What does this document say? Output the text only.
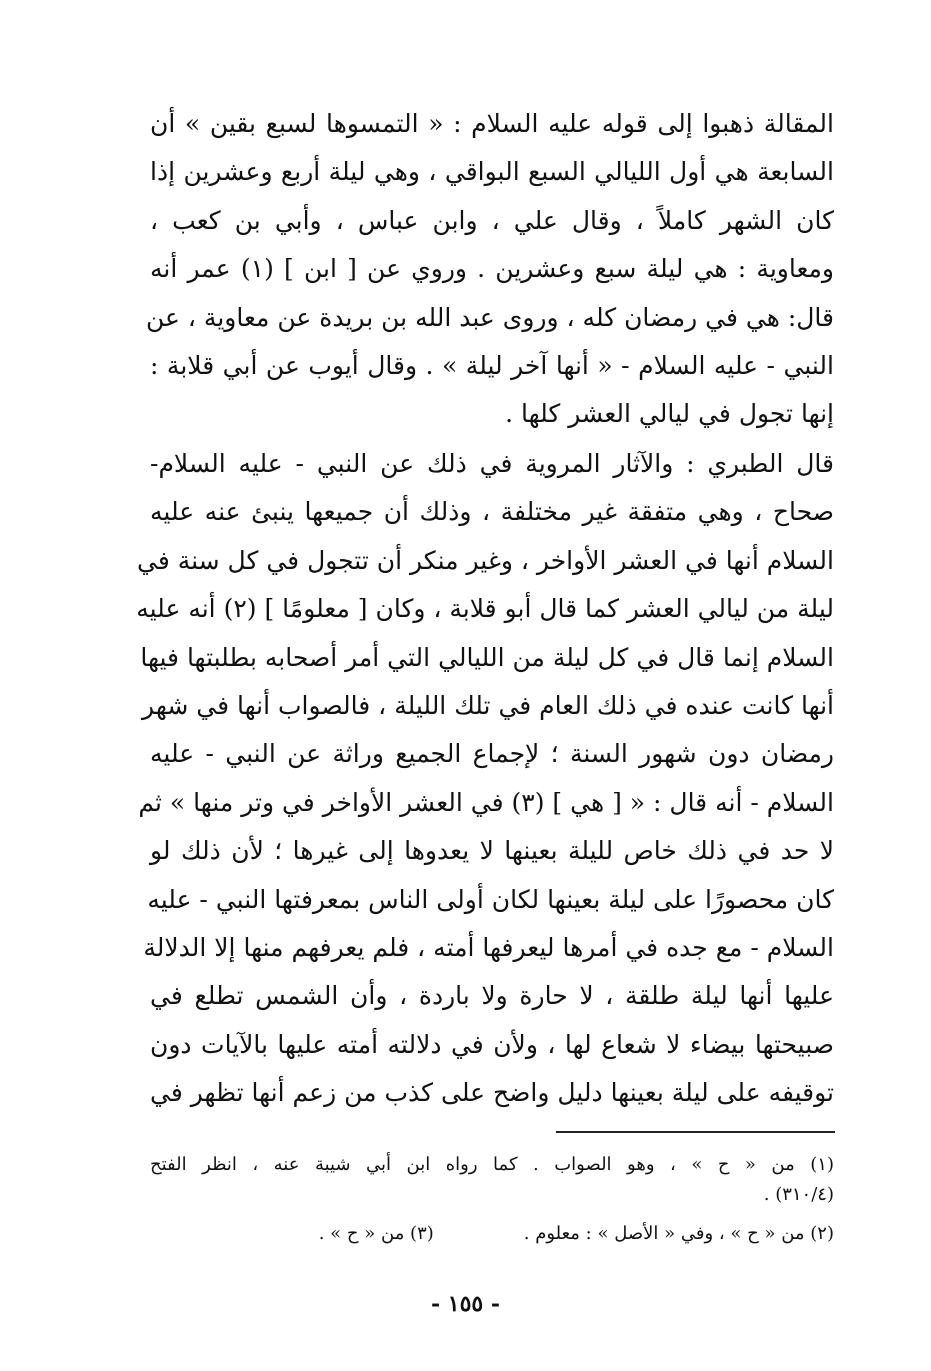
المقالة ذهبوا إلى قوله عليه السلام : « التمسوها لسبع بقين » أن
السابعة هي أول الليالي السبع البواقي ، وهي ليلة أربع وعشرين إذا
كان الشهر كاملاً ، وقال علي ، وابن عباس ، وأبي بن كعب ،
ومعاوية : هي ليلة سبع وعشرين . وروي عن [ ابن ] (١) عمر أنه
قال: هي في رمضان كله ، وروى عبد الله بن بريدة عن معاوية ، عن
النبي - عليه السلام - « أنها آخر ليلة » . وقال أيوب عن أبي قلابة :
إنها تجول في ليالي العشر كلها .
قال الطبري : والآثار المروية في ذلك عن النبي - عليه السلام-
صحاح ، وهي متفقة غير مختلفة ، وذلك أن جميعها ينبئ عنه عليه
السلام أنها في العشر الأواخر ، وغير منكر أن تتجول في كل سنة في
ليلة من ليالي العشر كما قال أبو قلابة ، وكان [ معلومًا ] (٢) أنه عليه
السلام إنما قال في كل ليلة من الليالي التي أمر أصحابه بطلبتها فيها
أنها كانت عنده في ذلك العام في تلك الليلة ، فالصواب أنها في شهر
رمضان دون شهور السنة ؛ لإجماع الجميع وراثة عن النبي - عليه
السلام - أنه قال : « [ هي ] (٣) في العشر الأواخر في وتر منها » ثم
لا حد في ذلك خاص لليلة بعينها لا يعدوها إلى غيرها ؛ لأن ذلك لو
كان محصورًا على ليلة بعينها لكان أولى الناس بمعرفتها النبي - عليه
السلام - مع جده في أمرها ليعرفها أمته ، فلم يعرفهم منها إلا الدلالة
عليها أنها ليلة طلقة ، لا حارة ولا باردة ، وأن الشمس تطلع في
صبيحتها بيضاء لا شعاع لها ، ولأن في دلالته أمته عليها بالآيات دون
توقيفه على ليلة بعينها دليل واضح على كذب من زعم أنها تظهر في
(١) من « ح » ، وهو الصواب . كما رواه ابن أبي شيبة عنه ، انظر الفتح
(٣١٠/٤) .
(٢) من « ح » ، وفي « الأصل » : معلوم .
(٣) من « ح » .
- ١٥٥ -
